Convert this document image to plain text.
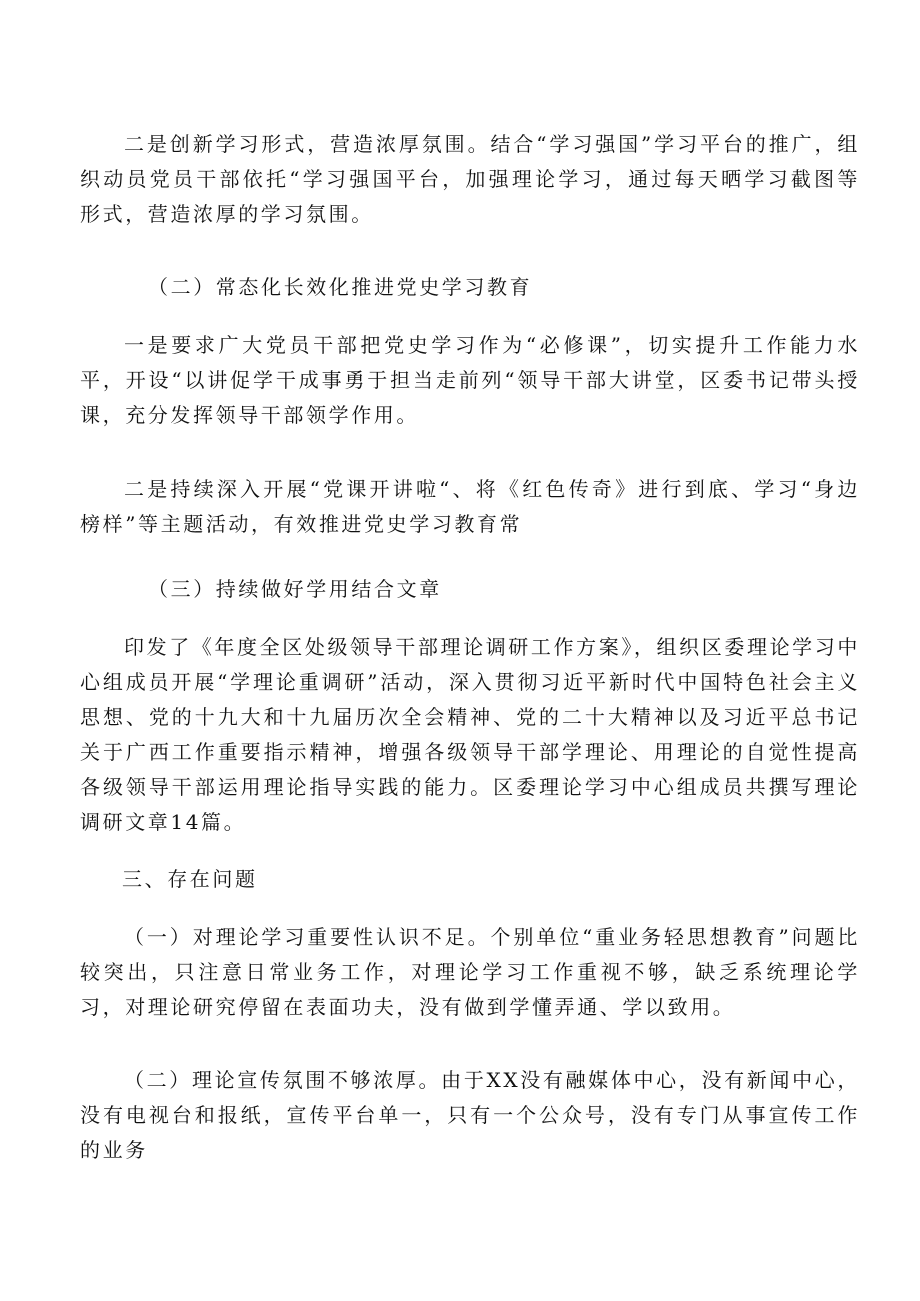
二是创新学习形式，营造浓厚氛围。结合“学习强国”学习平台的推广，组织动员党员干部依托“学习强国平台，加强理论学习，通过每天晒学习截图等形式，营造浓厚的学习氛围。

（二）常态化长效化推进党史学习教育

一是要求广大党员干部把党史学习作为“必修课”，切实提升工作能力水平，开设“以讲促学干成事勇于担当走前列“领导干部大讲堂，区委书记带头授课，充分发挥领导干部领学作用。

二是持续深入开展“党课开讲啦“、将《红色传奇》进行到底、学习“身边榜样”等主题活动，有效推进党史学习教育常

（三）持续做好学用结合文章

印发了《年度全区处级领导干部理论调研工作方案》，组织区委理论学习中心组成员开展“学理论重调研”活动，深入贯彻习近平新时代中国特色社会主义思想、党的十九大和十九届历次全会精神、党的二十大精神以及习近平总书记关于广西工作重要指示精神，增强各级领导干部学理论、用理论的自觉性提高各级领导干部运用理论指导实践的能力。区委理论学习中心组成员共撰写理论调研文章14篇。

三、存在问题

（一）对理论学习重要性认识不足。个别单位“重业务轻思想教育”问题比较突出，只注意日常业务工作，对理论学习工作重视不够，缺乏系统理论学习，对理论研究停留在表面功夫，没有做到学懂弄通、学以致用。

（二）理论宣传氛围不够浓厚。由于XX没有融媒体中心，没有新闻中心，没有电视台和报纸，宣传平台单一，只有一个公众号，没有专门从事宣传工作的业务
